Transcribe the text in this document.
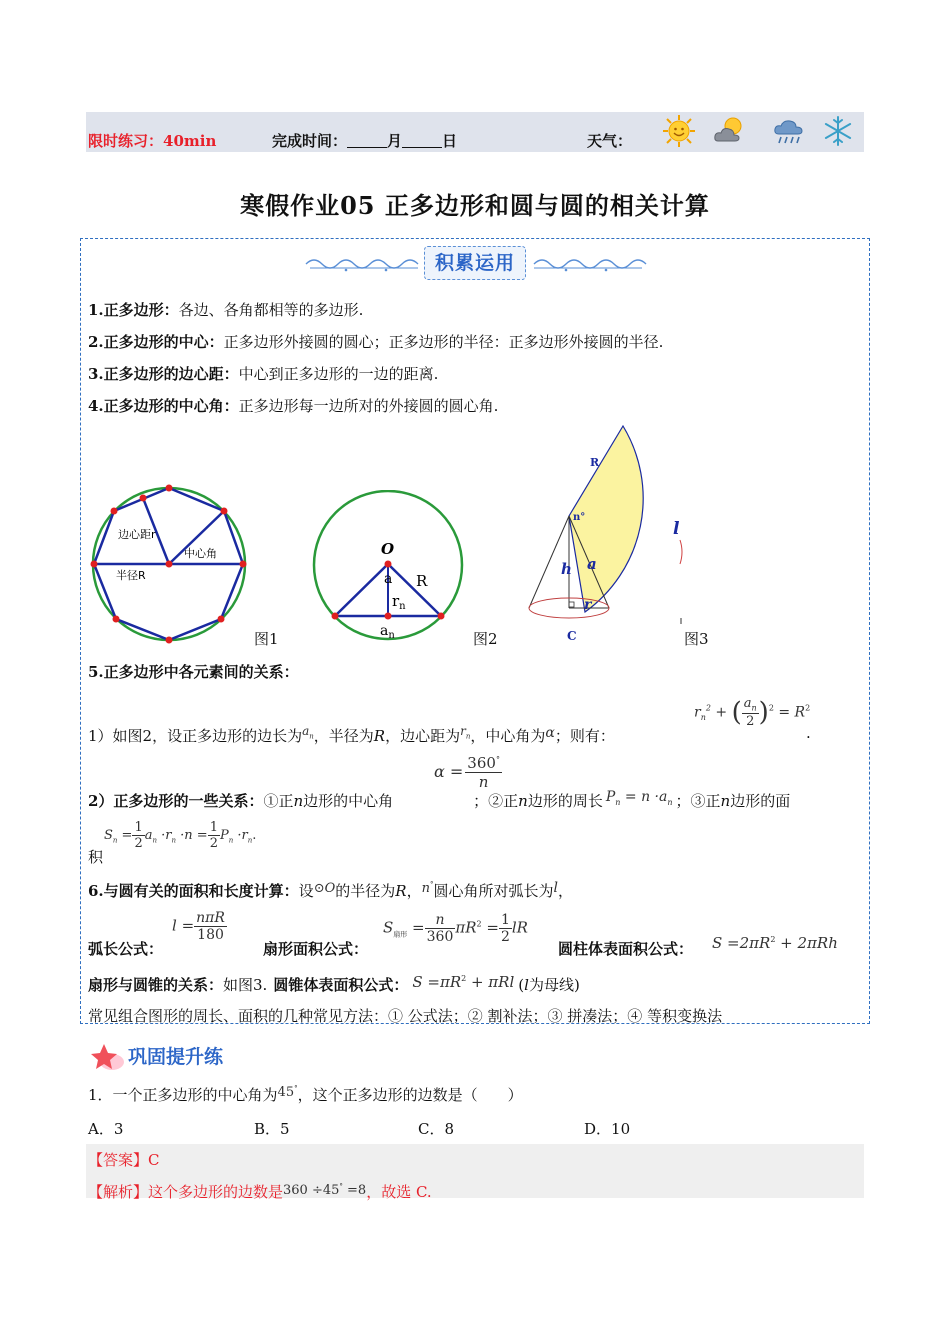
限时练习：40min	完成时间：	月	日	天气：
寒假作业05 正多边形和圆与圆的相关计算
积累运用
1.正多边形：各边、各角都相等的多边形.
2.正多边形的中心：正多边形外接圆的圆心；正多边形的半径：正多边形外接圆的半径.
3.正多边形的边心距：中心到正多边形的一边的距离.
4.正多边形的中心角：正多边形每一边所对的外接圆的圆心角.
边心距r
中心角
半径R
图1
O
a R
$r_n$
$a_n$	图2
R
n°
l
h a
r
C	图3
5.正多边形中各元素间的关系：
1）如图2，设正多边形的边长为$^{a_n}$，半径为R，边心距为$^{r_n}$，中心角为α；则有：
$r_n^2$ + ( $\frac{a_n}{2} )^2 = R^2$
.
$\alpha = \frac{360^\circ}{n}$
2）正多边形的一些关系：①正n边形的中心角	；②正n边形的周长 $P_n = n \cdot a_n$ ；③正n边形的面
积
$S_n = \frac{1}{2} a_n \cdot r_n \cdot n = \frac{1}{2} P_n \cdot r_n$.
6.与圆有关的面积和长度计算：设⊙O的半径为R，n°圆心角所对弧长为l，
$l = \frac{\text{nπR}}{180}$
弧长公式：	扇形面积公式：
$S_{扇形} = \frac{n}{360} \pi R^2 = \frac{1}{2}$ lR
圆柱体表面积公式： $S =2\pi R^2 + 2\pi Rh$
扇形与圆锥的关系：如图3. 圆锥体表面积公式： $S =\pi R^2 + \pi Rl$ (l为母线)
常见组合图形的周长、面积的几种常见方法：① 公式法；② 割补法；③ 拼凑法；④ 等积变换法
巩固提升练
1．一个正多边形的中心角为45°，这个正多边形的边数是（　　）
A．3	B．5	C．8	D．10
【答案】C
【解析】这个多边形的边数是360 ÷45° =8，故选 C.
